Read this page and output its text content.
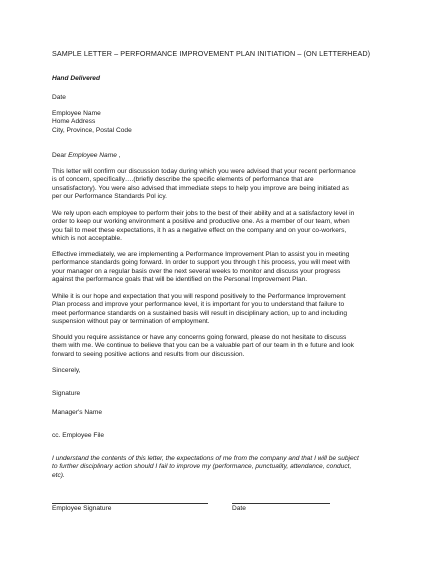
SAMPLE LETTER – PERFORMANCE IMPROVEMENT PLAN INITIATION – (ON LETTERHEAD)

Hand Delivered

Date

Employee Name

Home Address

City, Province, Postal Code

Dear Employee Name ,

This letter will confirm our discussion today during which you were advised that your recent performance

is of concern, specifically….(briefly describe the specific elements of performance that are

unsatisfactory). You were also advised that immediate steps to help you improve are being initiated as

per our Performance Standards Pol icy.

We rely upon each employee to perform their jobs to the best of their ability and at a satisfactory level in

order to keep our working environment a positive and productive one. As a member of our team, when

you fail to meet these expectations, it h as a negative effect on the company and on your co-workers,

which is not acceptable.

Effective immediately, we are implementing a Performance Improvement Plan to assist you in meeting

performance standards going forward. In order to support you through t his process, you will meet with

your manager on a regular basis over the next several weeks to monitor and discuss your progress

against the performance goals that will be identified on the Personal Improvement Plan.

While it is our hope and expectation that you will respond positively to the Performance Improvement

Plan process and improve your performance level, it is important for you to understand that failure to

meet performance standards on a sustained basis will result in disciplinary action, up to and including

suspension without pay or termination of employment.

Should you require assistance or have any concerns going forward, please do not hesitate to discuss

them with me. We continue to believe that you can be a valuable part of our team in th e future and look

forward to seeing positive actions and results from our discussion.

Sincerely,

Signature

Manager's Name

cc. Employee File

I understand the contents of this letter, the expectations of me from the company and that I will be subject

to further disciplinary action should I fail to improve my (performance, punctuality, attendance, conduct,

etc).

Employee Signature	Date
